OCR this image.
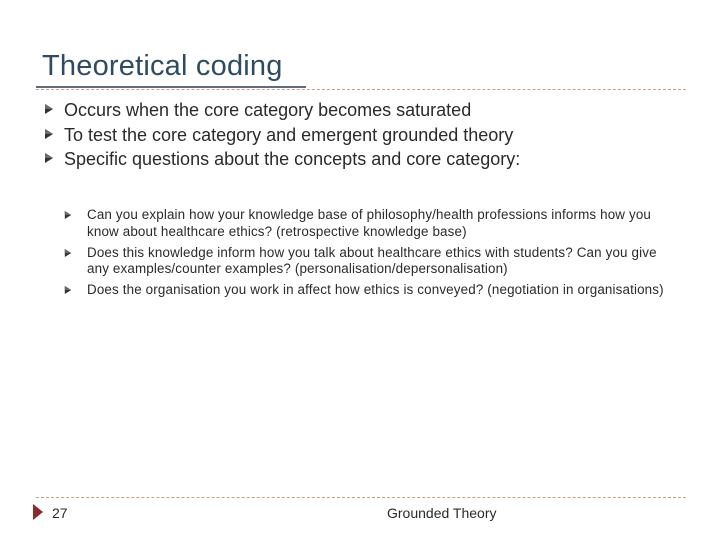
Theoretical coding
Occurs when the core category becomes saturated
To test the core category and emergent grounded theory
Specific questions about the concepts and core category:
Can you explain how your knowledge base of philosophy/health professions informs how you know about healthcare ethics? (retrospective knowledge base)
Does this knowledge inform how you talk about healthcare ethics with students? Can you give any examples/counter examples? (personalisation/depersonalisation)
Does the organisation you work in affect how ethics is conveyed? (negotiation in organisations)
27	Grounded Theory
